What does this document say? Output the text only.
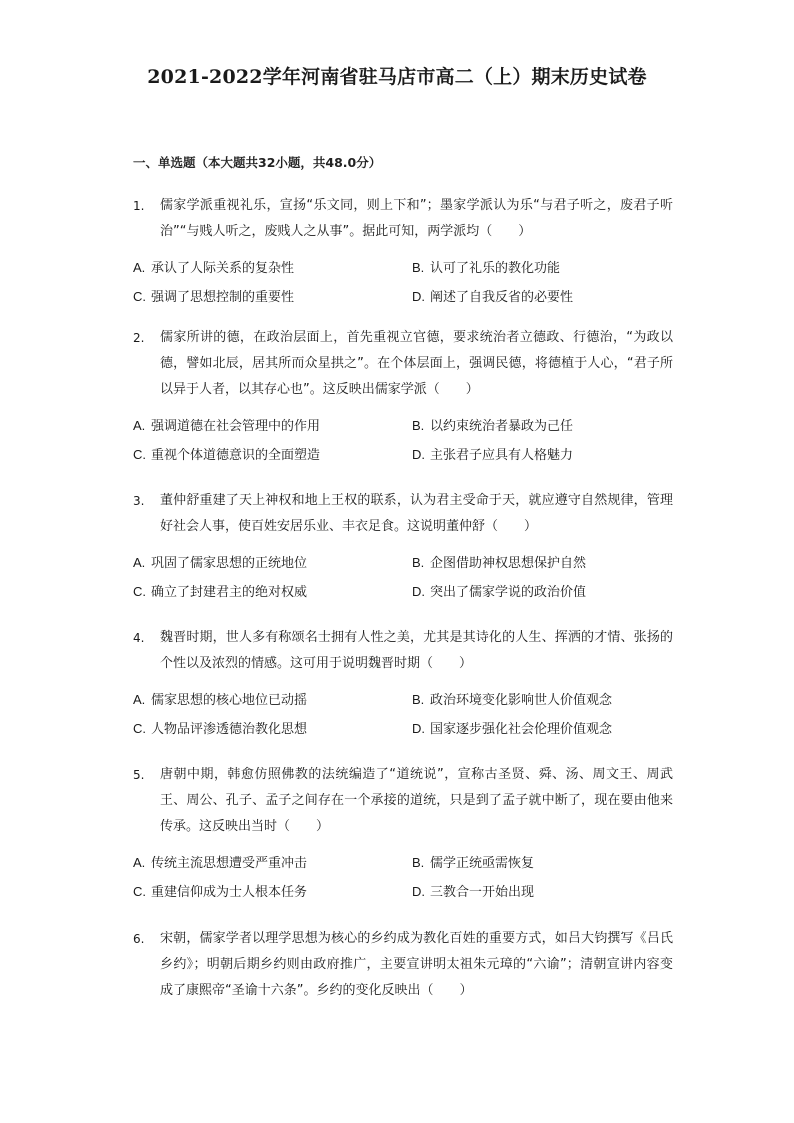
2021-2022学年河南省驻马店市高二（上）期末历史试卷
一、单选题（本大题共32小题，共48.0分）
1. 儒家学派重视礼乐，宣扬“乐文同，则上下和”；墨家学派认为乐“与君子听之，废君子听治”“与贱人听之，废贱人之从事”。据此可知，两学派均（　　）
A. 承认了人际关系的复杂性	B. 认可了礼乐的教化功能
C. 强调了思想控制的重要性	D. 阐述了自我反省的必要性
2. 儒家所讲的德，在政治层面上，首先重视立官德，要求统治者立德政、行德治，“为政以德，譬如北辰，居其所而众星拱之”。在个体层面上，强调民德，将德植于人心，“君子所以异于人者，以其存心也”。这反映出儒家学派（　　）
A. 强调道德在社会管理中的作用	B. 以约束统治者暴政为己任
C. 重视个体道德意识的全面塑造	D. 主张君子应具有人格魅力
3. 董仲舒重建了天上神权和地上王权的联系，认为君主受命于天，就应遵守自然规律，管理好社会人事，使百姓安居乐业、丰衣足食。这说明董仲舒（　　）
A. 巩固了儒家思想的正统地位	B. 企图借助神权思想保护自然
C. 确立了封建君主的绝对权威	D. 突出了儒家学说的政治价值
4. 魏晋时期，世人多有称颂名士拥有人性之美，尤其是其诗化的人生、挥洒的才情、张扬的个性以及浓烈的情感。这可用于说明魏晋时期（　　）
A. 儒家思想的核心地位已动摇	B. 政治环境变化影响世人价值观念
C. 人物品评渗透德治教化思想	D. 国家逐步强化社会伦理价值观念
5. 唐朝中期，韩愈仿照佛教的法统编造了“道统说”，宣称古圣贤、舜、汤、周文王、周武王、周公、孔子、孟子之间存在一个承接的道统，只是到了孟子就中断了，现在要由他来传承。这反映出当时（　　）
A. 传统主流思想遭受严重冲击	B. 儒学正统亟需恢复
C. 重建信仰成为士人根本任务	D. 三教合一开始出现
6. 宋朝，儒家学者以理学思想为核心的乡约成为教化百姓的重要方式，如吕大钧撰写《吕氏乡约》；明朝后期乡约则由政府推广，主要宣讲明太祖朱元璋的“六谕”；清朝宣讲内容变成了康熙帝“圣谕十六条”。乡约的变化反映出（　　）
